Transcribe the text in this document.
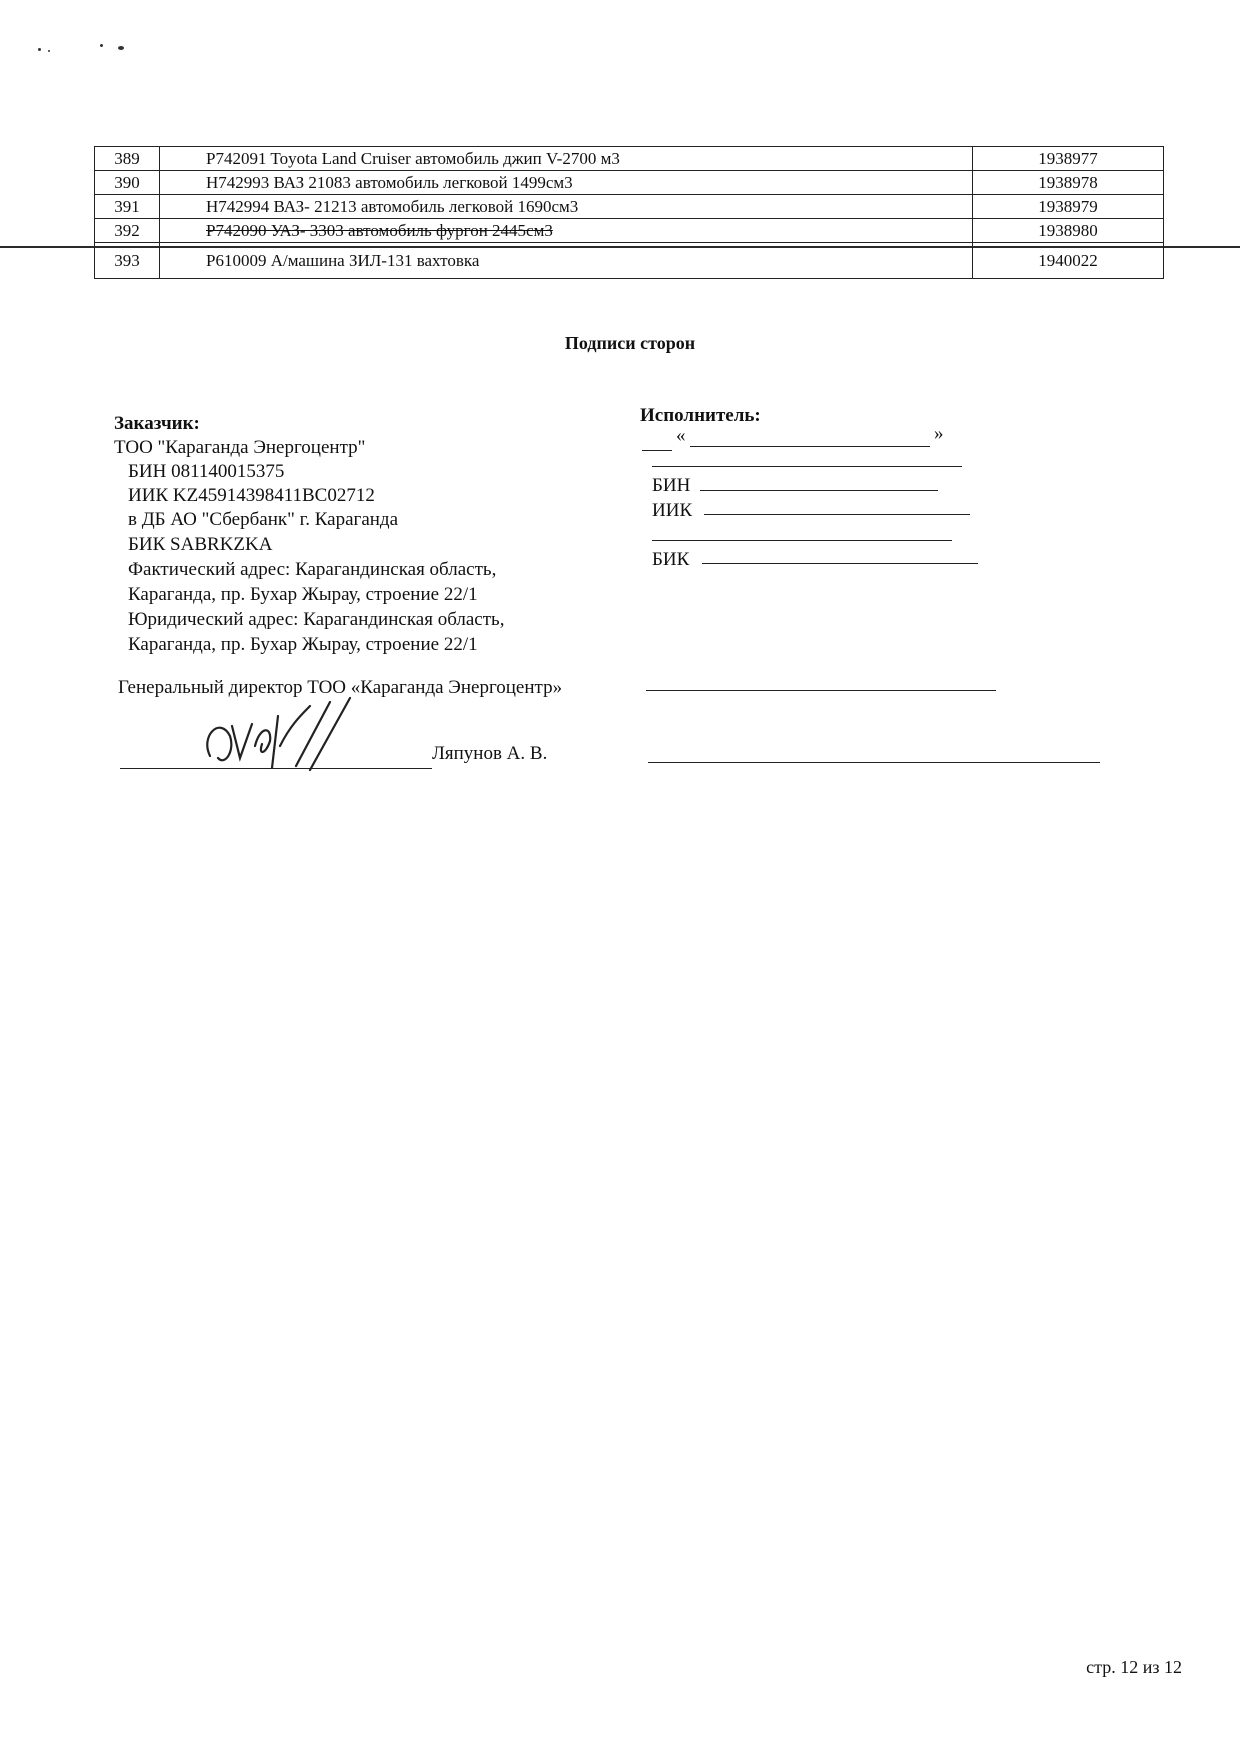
389	P742091 Toyota Land Cruiser автомобиль джип V-2700 м3	1938977
390	H742993 ВАЗ 21083 автомобиль легковой 1499см3	1938978
391	H742994 ВАЗ- 21213 автомобиль легковой 1690см3	1938979
392	P742090 УАЗ- 3303 автомобиль фургон 2445см3	1938980
393	P610009 А/машина ЗИЛ-131 вахтовка	1940022
Подписи сторон
Заказчик:
ТОО "Караганда Энергоцентр"
БИН 081140015375
ИИК KZ45914398411BC02712
в ДБ АО "Сбербанк" г. Караганда
БИК SABRKZKA
Фактический адрес: Карагандинская область,
Караганда, пр. Бухар Жырау, строение 22/1
Юридический адрес: Карагандинская область,
Караганда, пр. Бухар Жырау, строение 22/1
Генеральный директор ТОО «Караганда Энергоцентр»
Ляпунов А. В.
Исполнитель:
«	»
БИН
ИИК
БИК
стр. 12 из 12
